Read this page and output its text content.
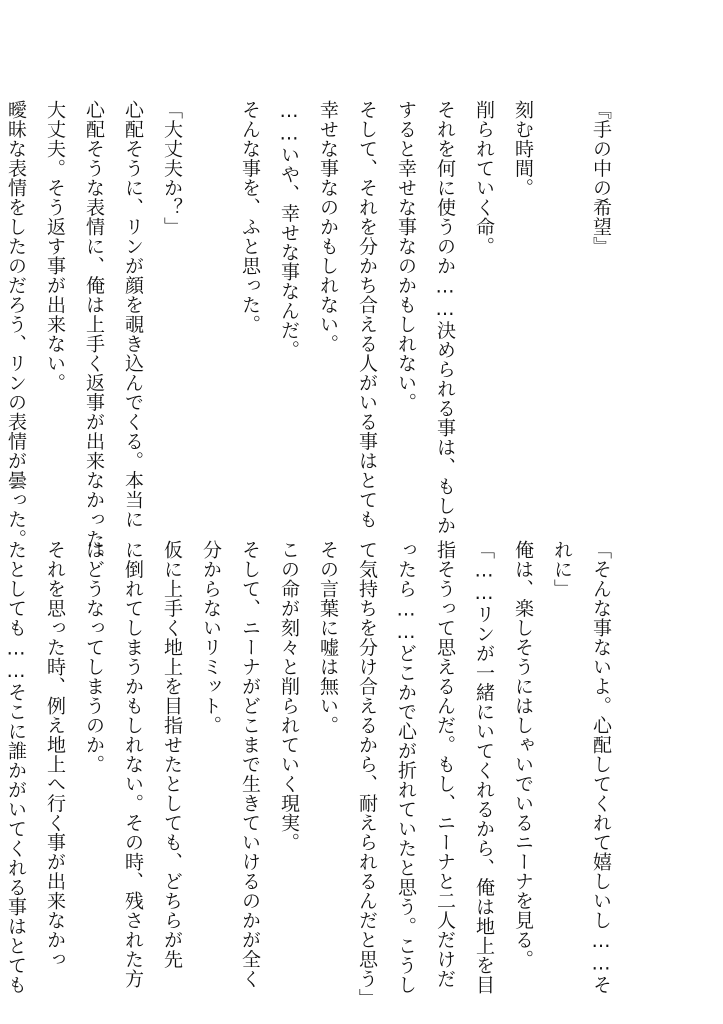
『手の中の希望』

刻む時間。
削られていく命。
それを何に使うのか……決められる事は、もしか
すると幸せな事なのかもしれない。
そして、それを分かち合える人がいる事はとても
幸せな事なのかもしれない。
……いや、幸せな事なんだ。
そんな事を、ふと思った。

「大丈夫か？」
心配そうに、リンが顔を覗き込んでくる。本当に
心配そうな表情に、俺は上手く返事が出来なかった。
大丈夫。そう返す事が出来ない。
曖昧な表情をしたのだろう、リンの表情が曇った。
「そんな事ないよ。心配してくれて嬉しいし……そ
れに」
俺は、楽しそうにはしゃいでいるニーナを見る。
「……リンが一緒にいてくれるから、俺は地上を目
指そうって思えるんだ。もし、ニーナと二人だけだ
ったら……どこかで心が折れていたと思う。こうし
て気持ちを分け合えるから、耐えられるんだと思う」
その言葉に嘘は無い。
この命が刻々と削られていく現実。
そして、ニーナがどこまで生きていけるのかが全く
分からないリミット。
仮に上手く地上を目指せたとしても、どちらが先
に倒れてしまうかもしれない。その時、残された方
はどうなってしまうのか。
それを思った時、例え地上へ行く事が出来なかっ
たとしても……そこに誰かがいてくれる事はとても
